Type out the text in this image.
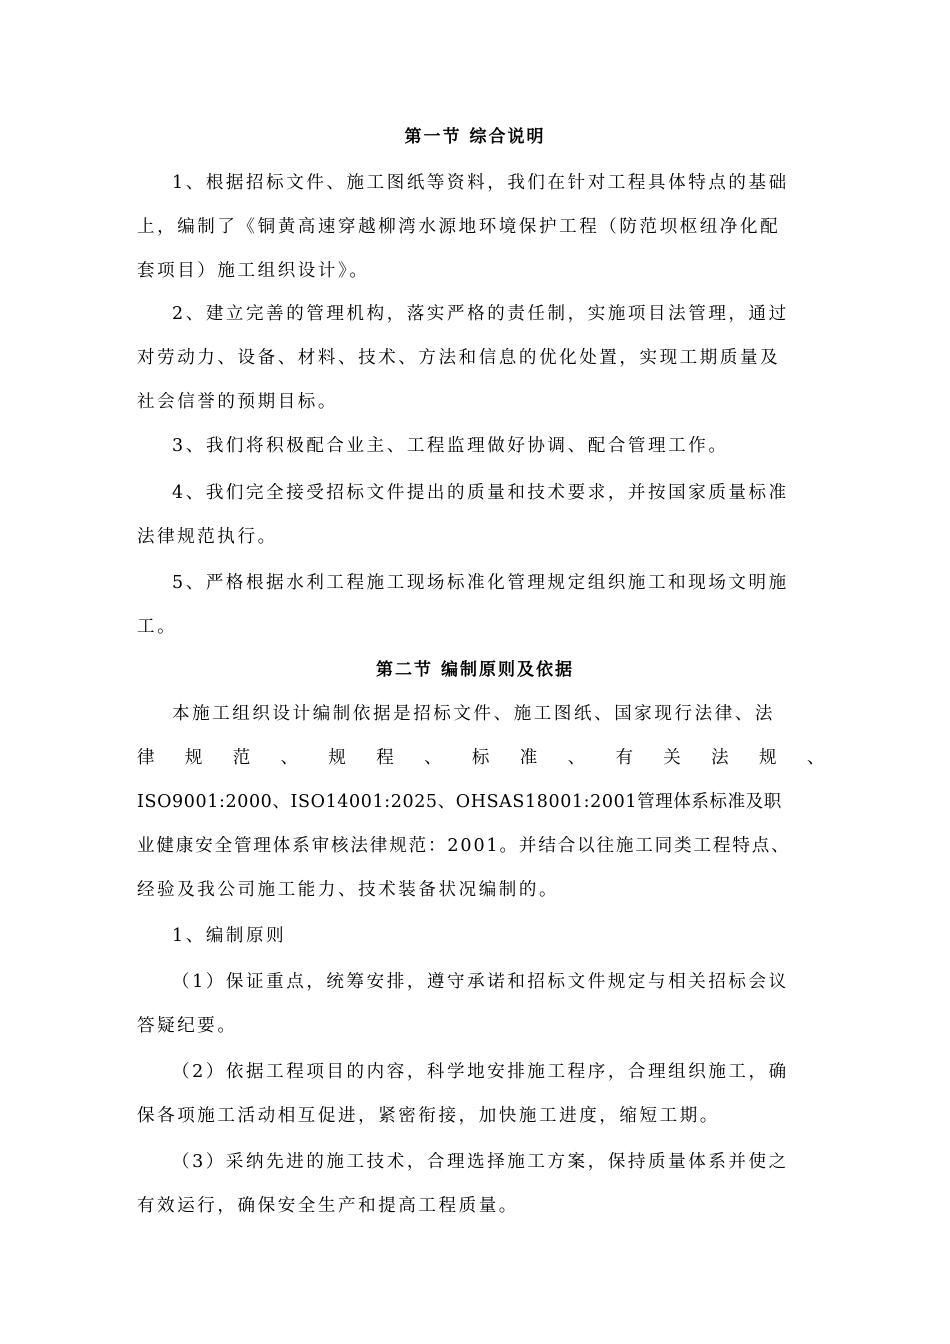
第一节 综合说明

1、根据招标文件、施工图纸等资料，我们在针对工程具体特点的基础

上，编制了《铜黄高速穿越柳湾水源地环境保护工程（防范坝枢纽净化配

套项目）施工组织设计》。

2、建立完善的管理机构，落实严格的责任制，实施项目法管理，通过

对劳动力、设备、材料、技术、方法和信息的优化处置，实现工期质量及

社会信誉的预期目标。

3、我们将积极配合业主、工程监理做好协调、配合管理工作。

4、我们完全接受招标文件提出的质量和技术要求，并按国家质量标准

法律规范执行。

5、严格根据水利工程施工现场标准化管理规定组织施工和现场文明施

工。

第二节 编制原则及依据

本施工组织设计编制依据是招标文件、施工图纸、国家现行法律、法

律 规 范 、 规 程 、 标 准 、 有 关 法 规 、

ISO9001:2000、ISO14001:2025、OHSAS18001:2001管理体系标准及职

业健康安全管理体系审核法律规范：2001。并结合以往施工同类工程特点、

经验及我公司施工能力、技术装备状况编制的。

1、编制原则

（1）保证重点，统筹安排，遵守承诺和招标文件规定与相关招标会议

答疑纪要。

（2）依据工程项目的内容，科学地安排施工程序，合理组织施工，确

保各项施工活动相互促进，紧密衔接，加快施工进度，缩短工期。

（3）采纳先进的施工技术，合理选择施工方案，保持质量体系并使之

有效运行，确保安全生产和提高工程质量。
